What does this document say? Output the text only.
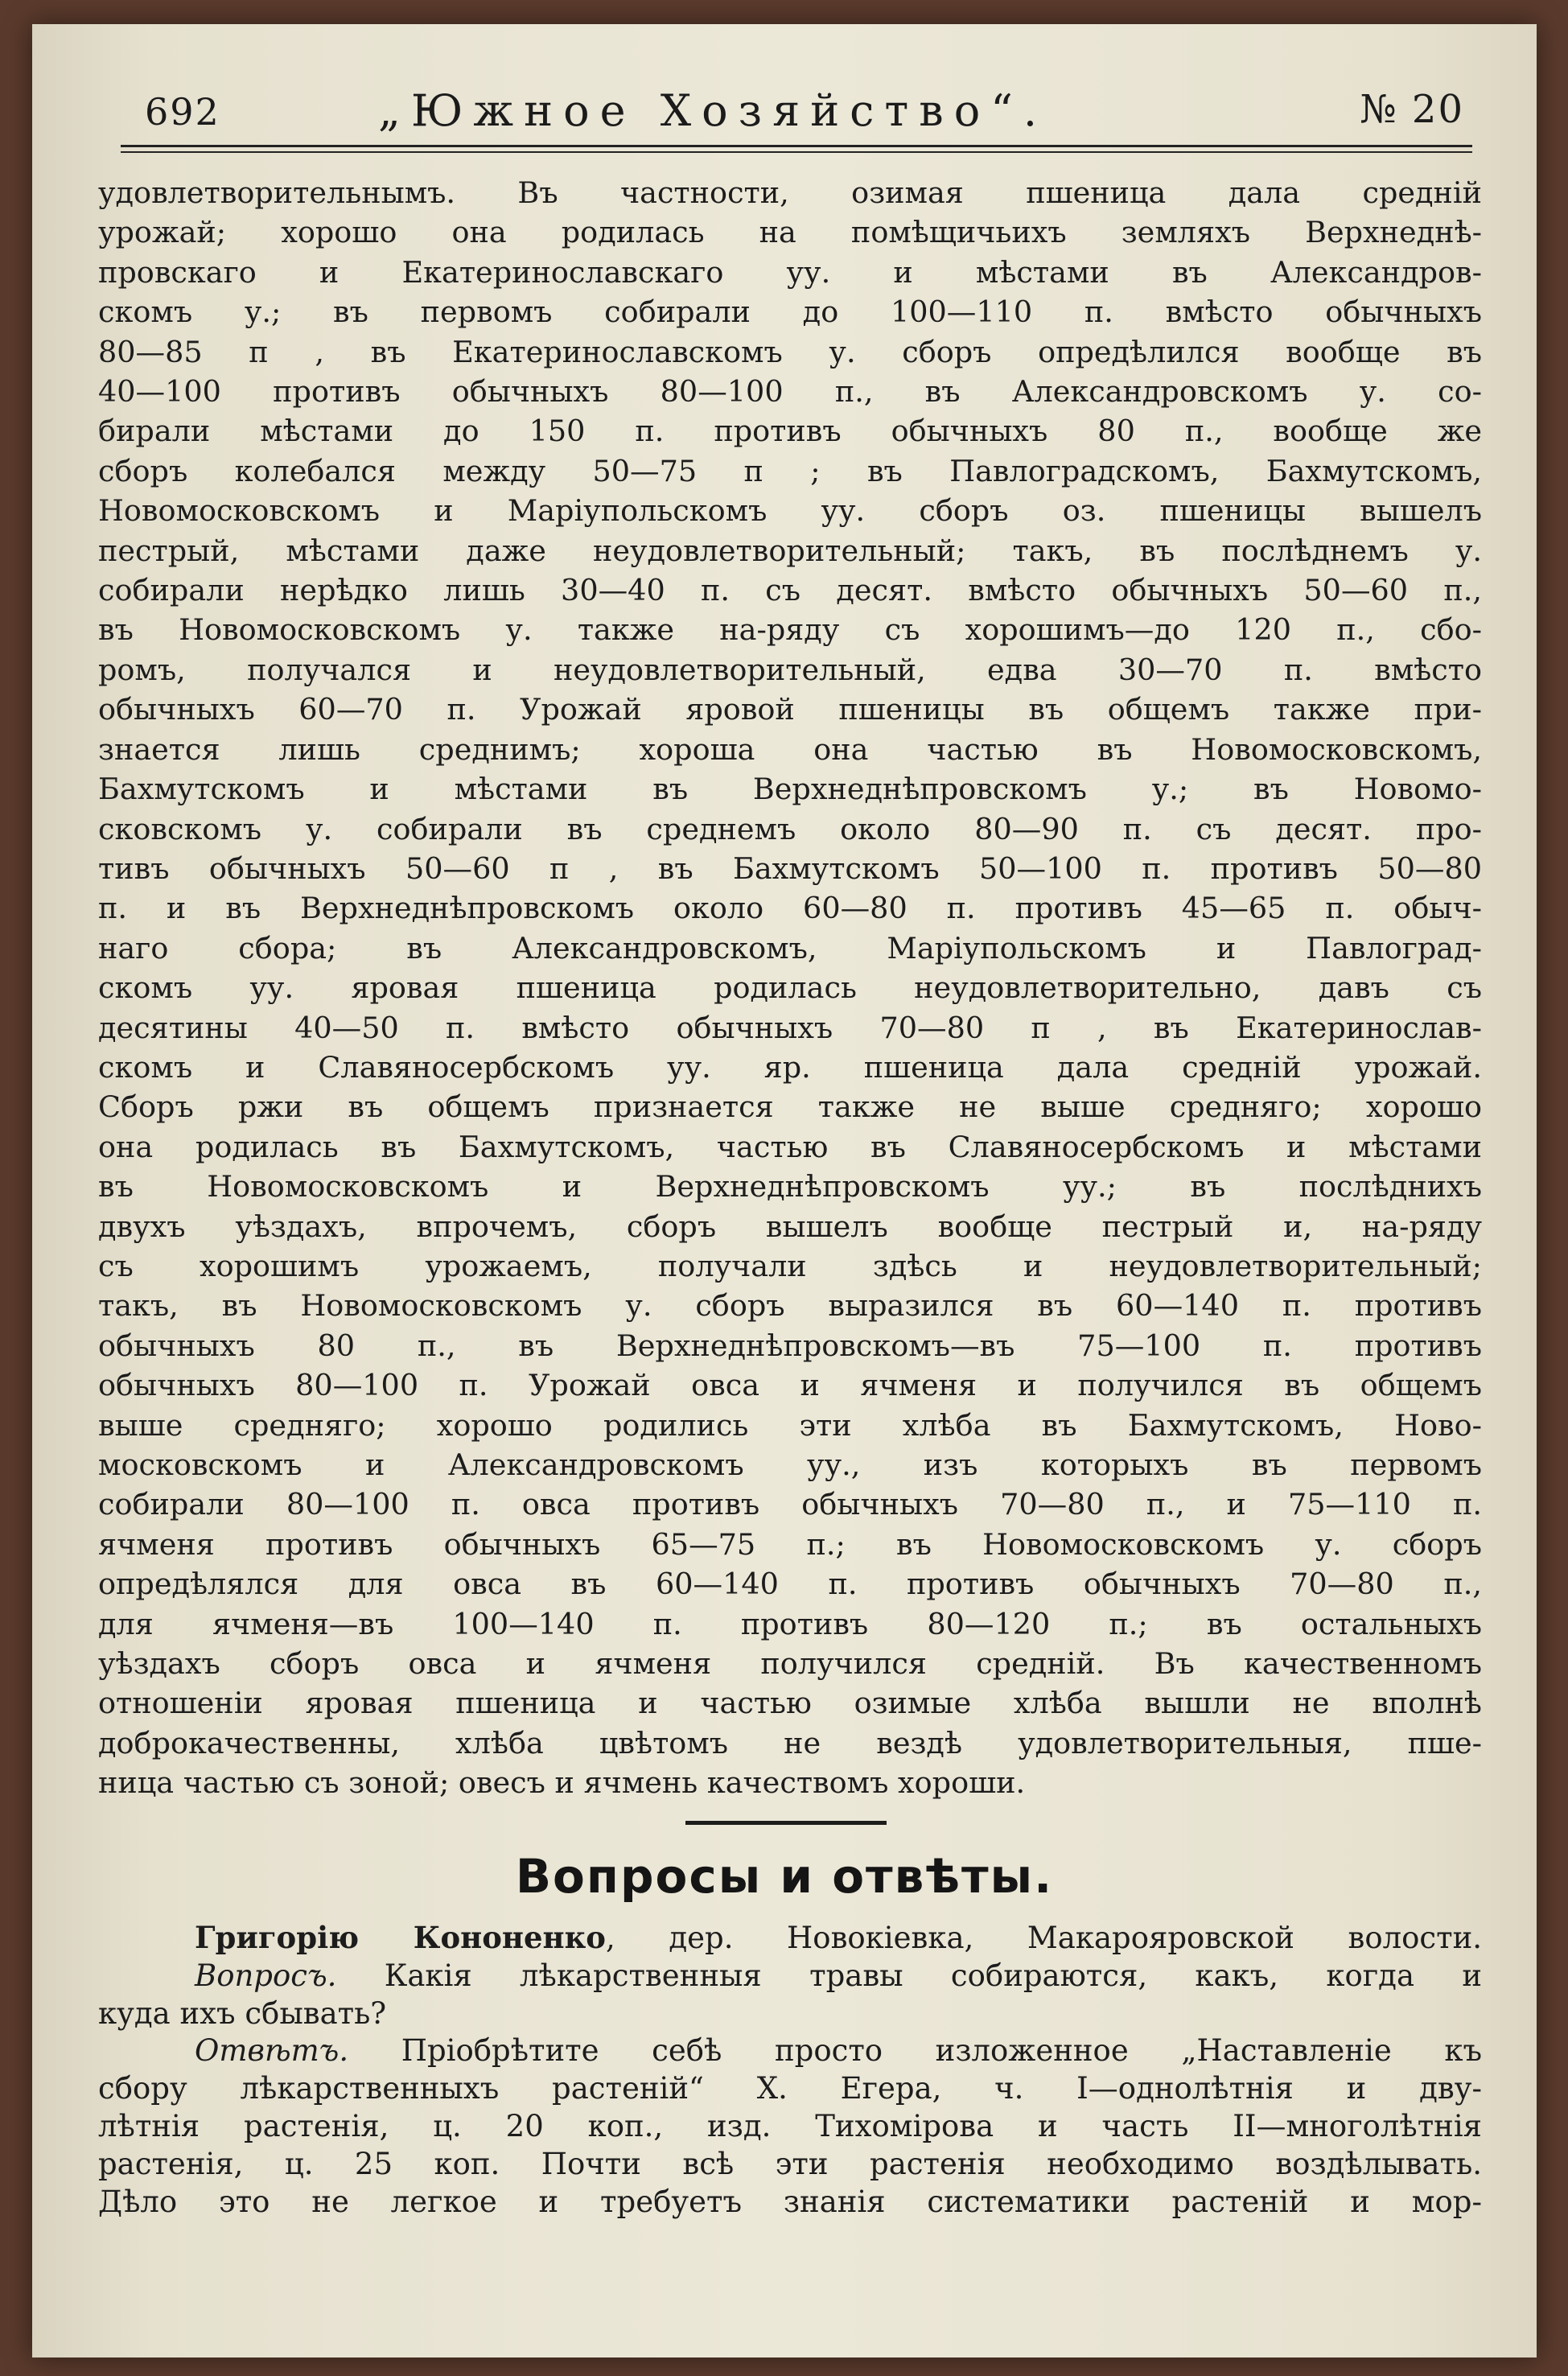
692	„Южное Хозяйство“.	№ 20
удовлетворительнымъ. Въ частности, озимая пшеница дала среднiй
урожай; хорошо она родилась на помѣщичьихъ земляхъ Верхнеднѣ-
провскаго и Екатеринославскаго уу. и мѣстами въ Александров-
скомъ у.; въ первомъ собирали до 100—110 п. вмѣсто обычныхъ
80—85 п , въ Екатеринославскомъ у. сборъ опредѣлился вообще въ
40—100 противъ обычныхъ 80—100 п., въ Александровскомъ у. со-
бирали мѣстами до 150 п. противъ обычныхъ 80 п., вообще же
сборъ колебался между 50—75 п ; въ Павлоградскомъ, Бахмутскомъ,
Новомосковскомъ и Марiупольскомъ уу. сборъ оз. пшеницы вышелъ
пестрый, мѣстами даже неудовлетворительный; такъ, въ послѣднемъ у.
собирали нерѣдко лишь 30—40 п. съ десят. вмѣсто обычныхъ 50—60 п.,
въ Новомосковскомъ у. также на-ряду съ хорошимъ—до 120 п., сбо-
ромъ, получался и неудовлетворительный, едва 30—70 п. вмѣсто
обычныхъ 60—70 п. Урожай яровой пшеницы въ общемъ также при-
знается лишь среднимъ; хороша она частью въ Новомосковскомъ,
Бахмутскомъ и мѣстами въ Верхнеднѣпровскомъ у.; въ Новомо-
сковскомъ у. собирали въ среднемъ около 80—90 п. съ десят. про-
тивъ обычныхъ 50—60 п , въ Бахмутскомъ 50—100 п. противъ 50—80
п. и въ Верхнеднѣпровскомъ около 60—80 п. противъ 45—65 п. обыч-
наго сбора; въ Александровскомъ, Марiупольскомъ и Павлоград-
скомъ уу. яровая пшеница родилась неудовлетворительно, давъ съ
десятины 40—50 п. вмѣсто обычныхъ 70—80 п , въ Екатеринослав-
скомъ и Славяносербскомъ уу. яр. пшеница дала среднiй урожай.
Сборъ ржи въ общемъ признается также не выше средняго; хорошо
она родилась въ Бахмутскомъ, частью въ Славяносербскомъ и мѣстами
въ Новомосковскомъ и Верхнеднѣпровскомъ уу.; въ послѣднихъ
двухъ уѣздахъ, впрочемъ, сборъ вышелъ вообще пестрый и, на-ряду
съ хорошимъ урожаемъ, получали здѣсь и неудовлетворительный;
такъ, въ Новомосковскомъ у. сборъ выразился въ 60—140 п. противъ
обычныхъ 80 п., въ Верхнеднѣпровскомъ—въ 75—100 п. противъ
обычныхъ 80—100 п. Урожай овса и ячменя и получился въ общемъ
выше средняго; хорошо родились эти хлѣба въ Бахмутскомъ, Ново-
московскомъ и Александровскомъ уу., изъ которыхъ въ первомъ
собирали 80—100 п. овса противъ обычныхъ 70—80 п., и 75—110 п.
ячменя противъ обычныхъ 65—75 п.; въ Новомосковскомъ у. сборъ
опредѣлялся для овса въ 60—140 п. противъ обычныхъ 70—80 п.,
для ячменя—въ 100—140 п. противъ 80—120 п.; въ остальныхъ
уѣздахъ сборъ овса и ячменя получился среднiй. Въ качественномъ
отношенiи яровая пшеница и частью озимые хлѣба вышли не вполнѣ
доброкачественны, хлѣба цвѣтомъ не вездѣ удовлетворительныя, пше-
ница частью съ зоной; овесъ и ячмень качествомъ хороши.
Вопросы и отвѣты.
Григорiю Кононенко, дер. Новокiевка, Макарояровской волости.
Вопросъ. Какiя лѣкарственныя травы собираются, какъ, когда и
куда ихъ сбывать?
Отвѣтъ. Прiобрѣтите себѣ просто изложенное „Наставленiе къ
сбору лѣкарственныхъ растенiй“ Х. Егера, ч. I—однолѣтнiя и дву-
лѣтнiя растенiя, ц. 20 коп., изд. Тихомiрова и часть II—многолѣтнiя
растенiя, ц. 25 коп. Почти всѣ эти растенiя необходимо воздѣлывать.
Дѣло это не легкое и требуетъ знанiя систематики растенiй и мор-
